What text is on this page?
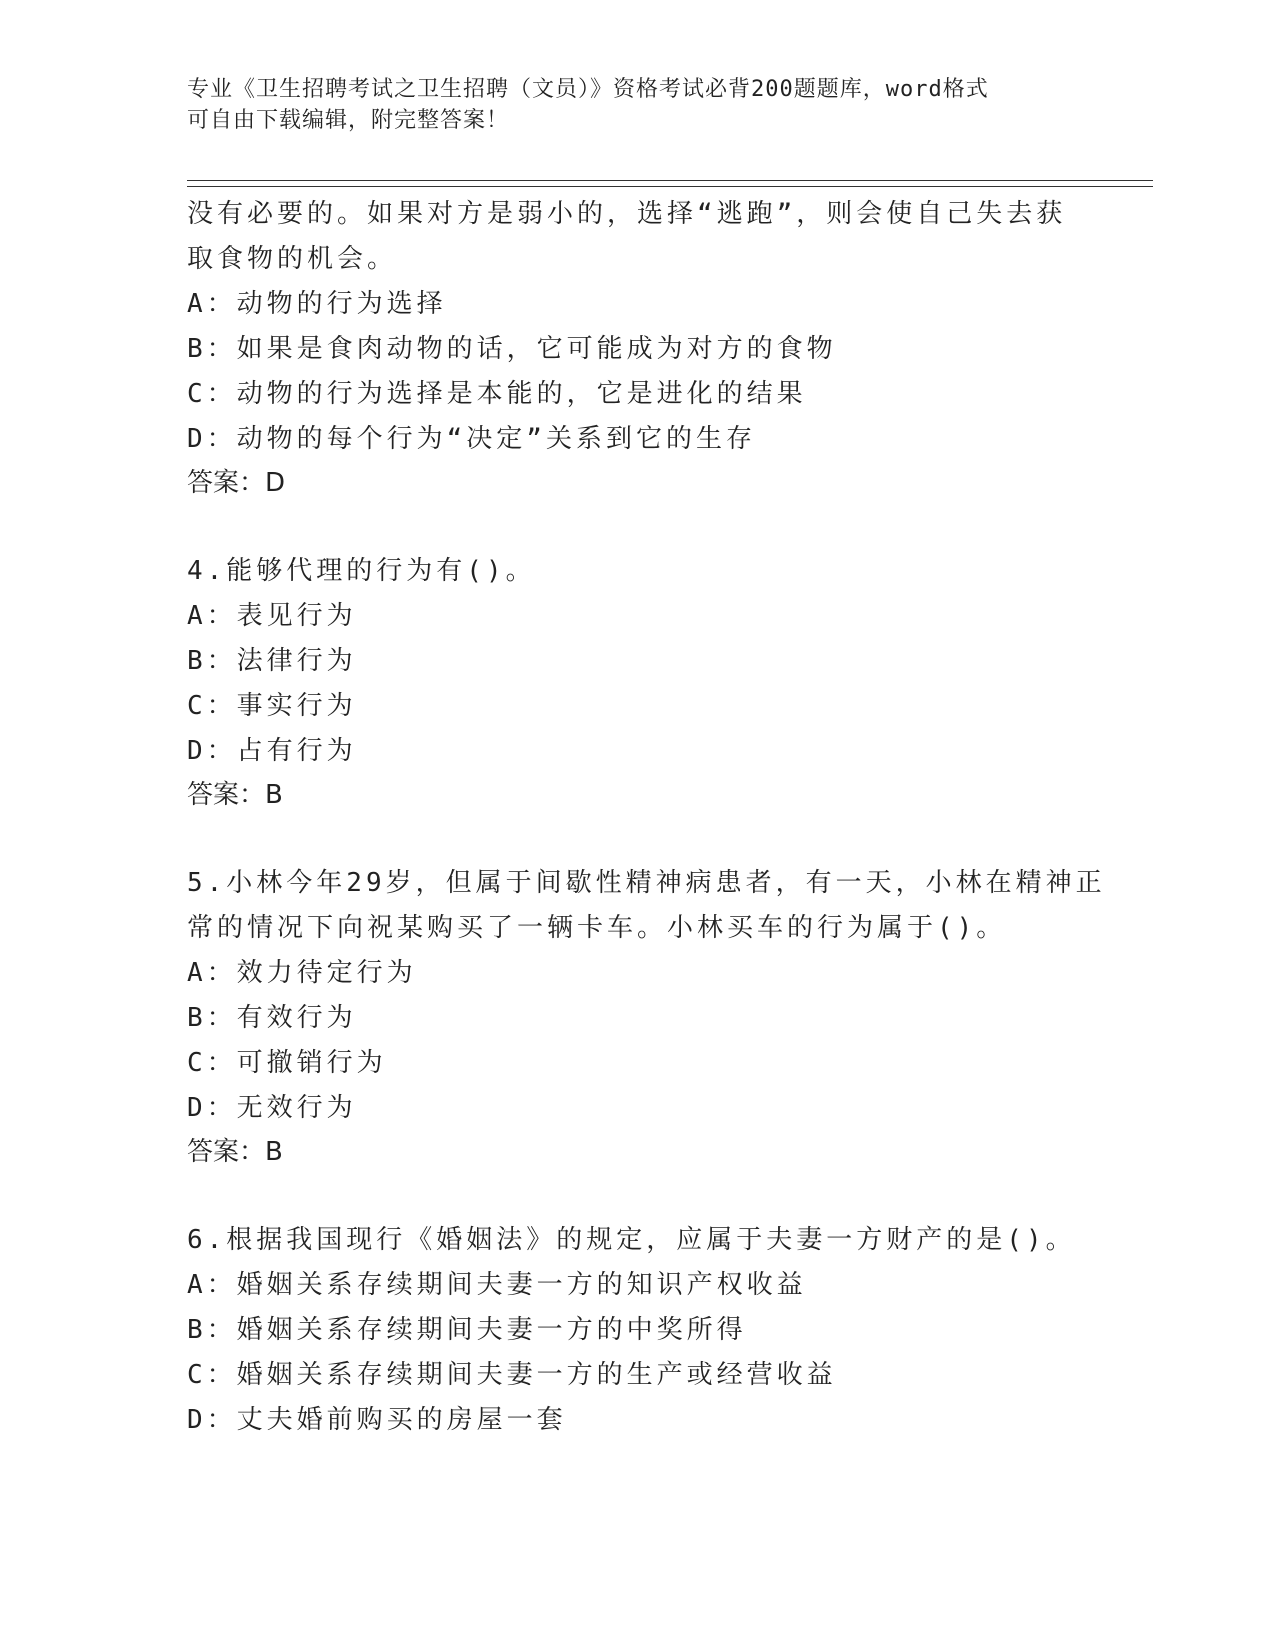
专业《卫生招聘考试之卫生招聘（文员）》资格考试必背200题题库，word格式
可自由下载编辑，附完整答案！
没有必要的。如果对方是弱小的，选择“逃跑”，则会使自己失去获
取食物的机会。
A：动物的行为选择
B：如果是食肉动物的话，它可能成为对方的食物
C：动物的行为选择是本能的，它是进化的结果
D：动物的每个行为“决定”关系到它的生存
答案：D
4.能够代理的行为有()。
A：表见行为
B：法律行为
C：事实行为
D：占有行为
答案：B
5.小林今年29岁，但属于间歇性精神病患者，有一天，小林在精神正
常的情况下向祝某购买了一辆卡车。小林买车的行为属于()。
A：效力待定行为
B：有效行为
C：可撤销行为
D：无效行为
答案：B
6.根据我国现行《婚姻法》的规定，应属于夫妻一方财产的是()。
A：婚姻关系存续期间夫妻一方的知识产权收益
B：婚姻关系存续期间夫妻一方的中奖所得
C：婚姻关系存续期间夫妻一方的生产或经营收益
D：丈夫婚前购买的房屋一套
